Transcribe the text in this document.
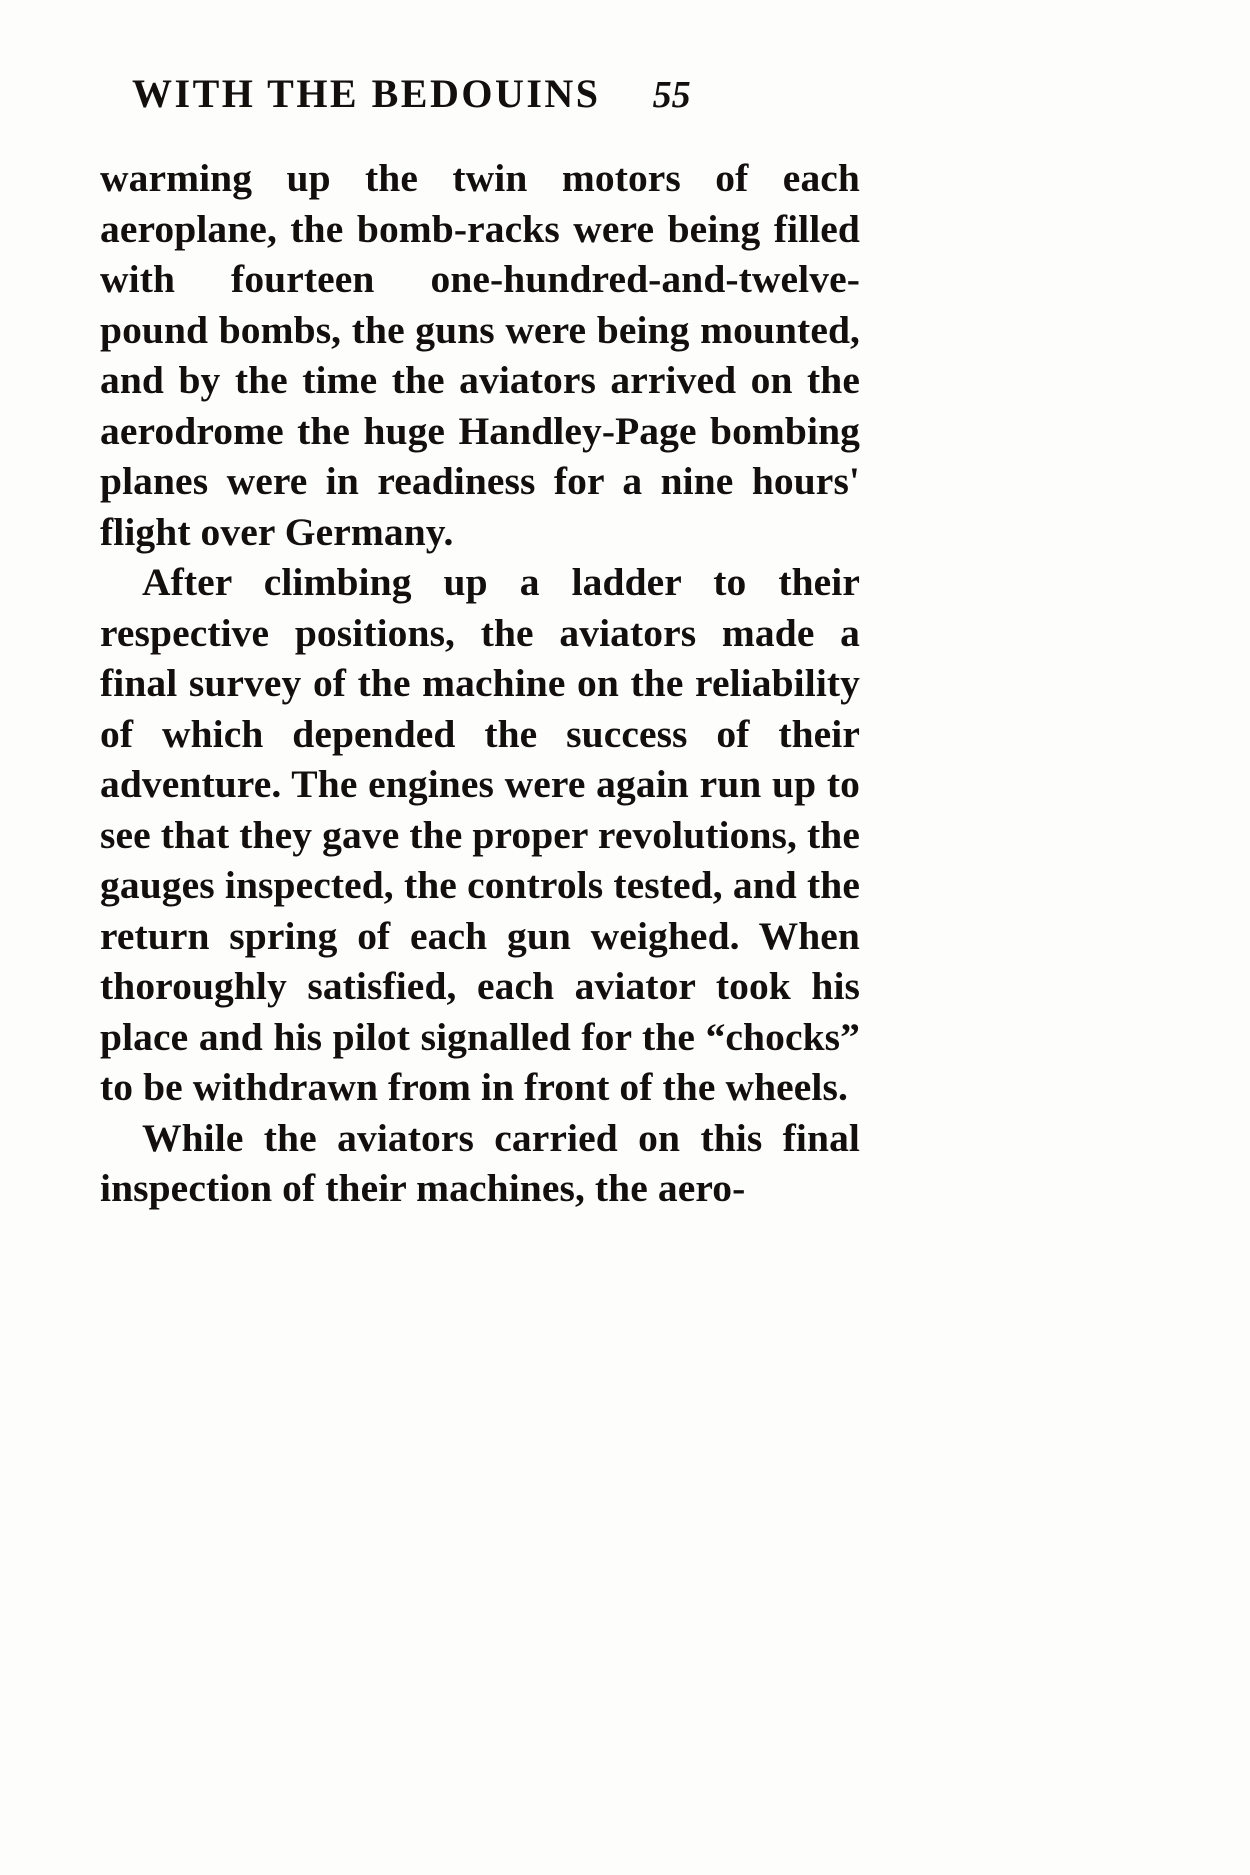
WITH THE BEDOUINS 55

warming up the twin motors of each aeroplane, the bomb-racks were being filled with fourteen one-hundred-and-twelve-pound bombs, the guns were being mounted, and by the time the aviators arrived on the aerodrome the huge Handley-Page bombing planes were in readiness for a nine hours' flight over Germany.

After climbing up a ladder to their respective positions, the aviators made a final survey of the machine on the reliability of which depended the success of their adventure. The engines were again run up to see that they gave the proper revolutions, the gauges inspected, the controls tested, and the return spring of each gun weighed. When thoroughly satisfied, each aviator took his place and his pilot signalled for the “chocks” to be withdrawn from in front of the wheels.

While the aviators carried on this final inspection of their machines, the aero-
